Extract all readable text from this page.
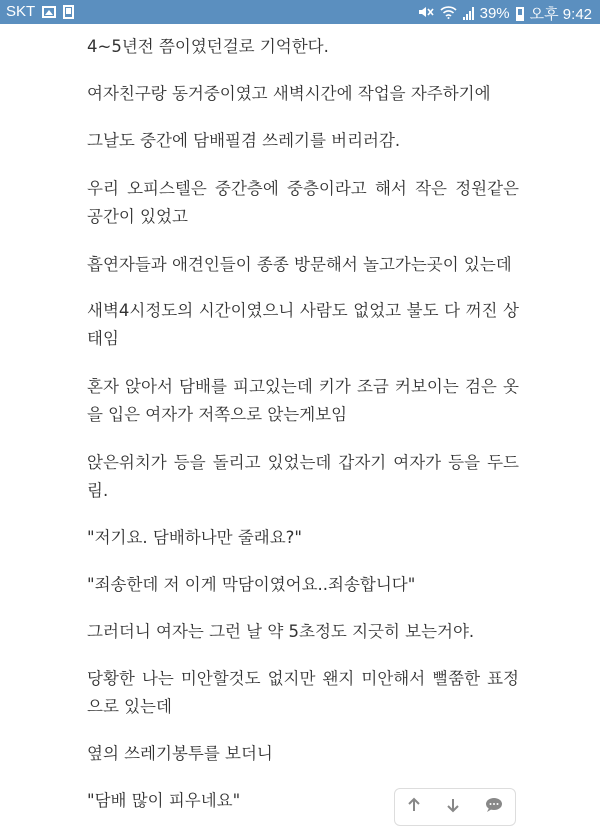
SKT	39% 오후 9:42

4~5년전 쯤이였던걸로 기억한다.

여자친구랑 동거중이였고 새벽시간에 작업을 자주하기에

그날도 중간에 담배필겸 쓰레기를 버리러감.

우리 오피스텔은 중간층에 중층이라고 해서 작은 정원같은 공간이 있었고

흡연자들과 애견인들이 종종 방문해서 놀고가는곳이 있는데

새벽4시정도의 시간이였으니 사람도 없었고 불도 다 꺼진 상태임

혼자 앉아서 담배를 피고있는데 키가 조금 커보이는 검은 옷을 입은 여자가 저쪽으로 앉는게보임

앉은위치가 등을 돌리고 있었는데 갑자기 여자가 등을 두드림.

"저기요. 담배하나만 줄래요?"

"죄송한데 저 이게 막담이였어요..죄송합니다"

그러더니 여자는 그런 날 약 5초정도 지긋히 보는거야.

당황한 나는 미안할것도 없지만 왠지 미안해서 뻘쭘한 표정으로 있는데

옆의 쓰레기봉투를 보더니

"담배 많이 피우네요"
